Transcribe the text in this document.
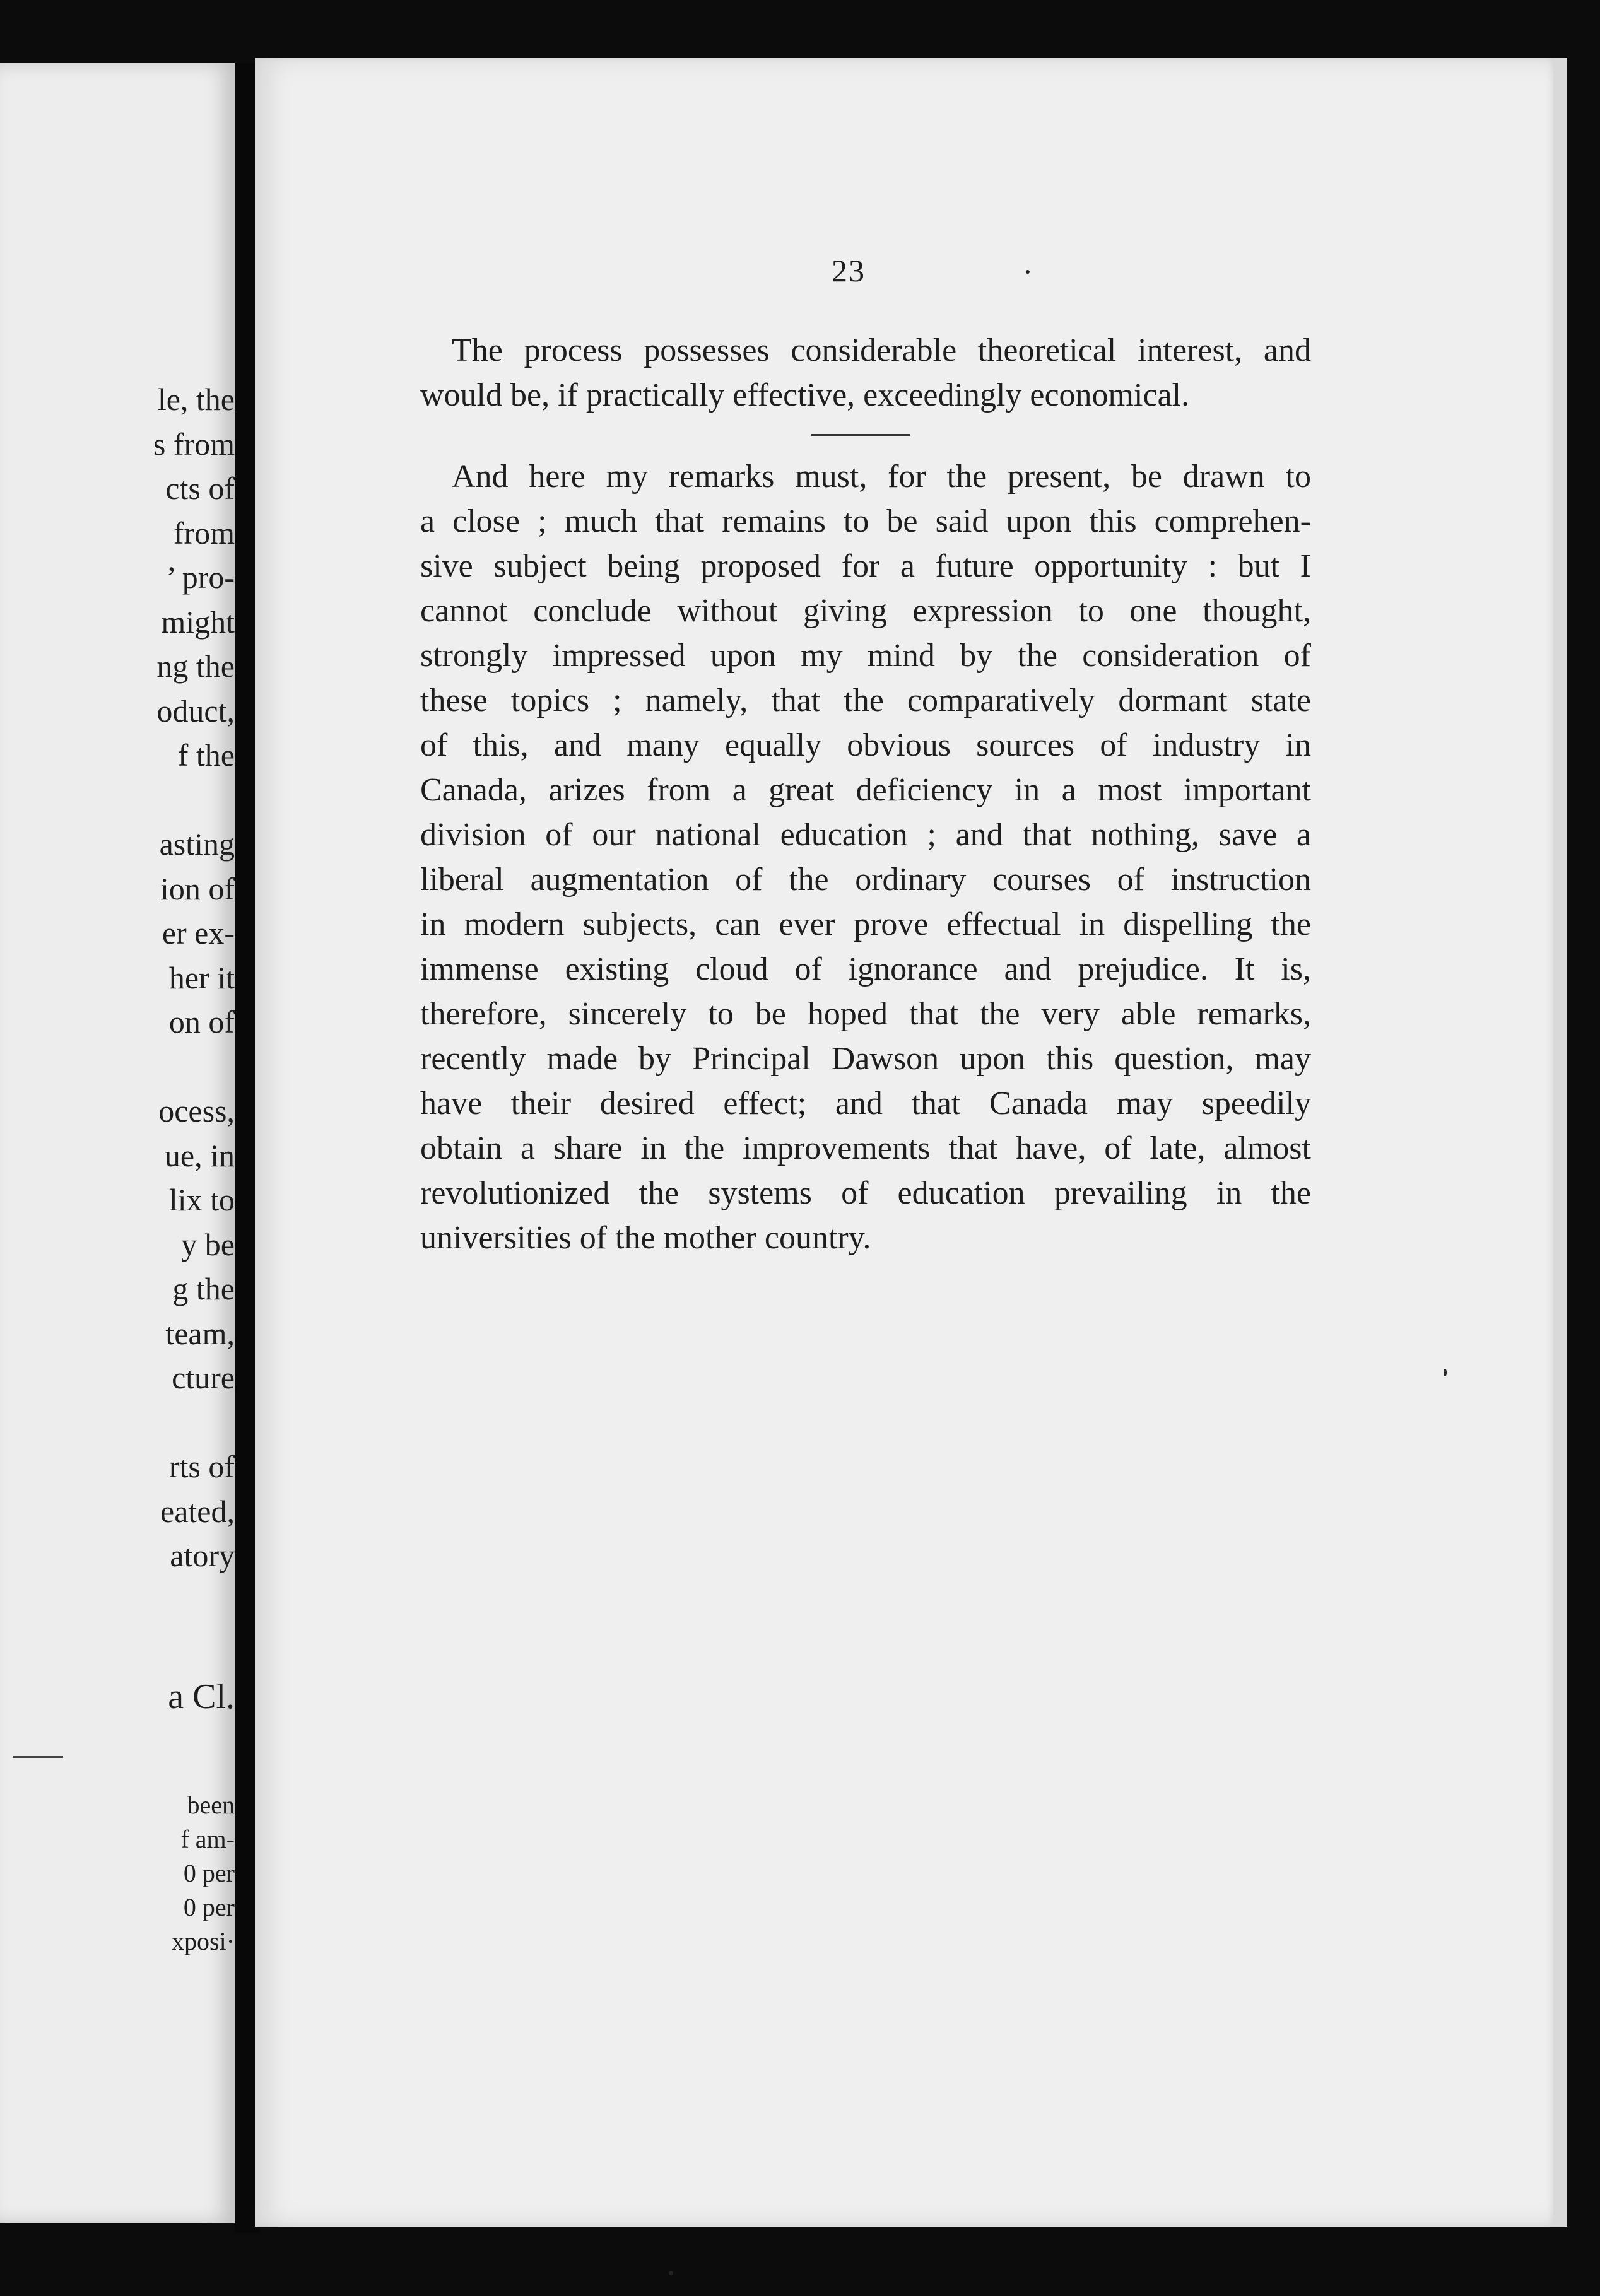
le, the
s from
cts of
from
’ pro-
might
ng the
oduct,
f the
asting
ion of
er ex-
her it
on of
ocess,
ue, in
lix to
y be
g the
team,
cture
rts of
eated,
atory
a Cl.
been
f am-
0 per
0 per
xposi·
23
The process possesses considerable theoretical interest, and
would be, if practically effective, exceedingly economical.
And here my remarks must, for the present, be drawn to
a close ; much that remains to be said upon this comprehen-
sive subject being proposed for a future opportunity : but I
cannot conclude without giving expression to one thought,
strongly impressed upon my mind by the consideration of
these topics ; namely, that the comparatively dormant state
of this, and many equally obvious sources of industry in
Canada, arizes from a great deficiency in a most important
division of our national education ; and that nothing, save a
liberal augmentation of the ordinary courses of instruction
in modern subjects, can ever prove effectual in dispelling the
immense existing cloud of ignorance and prejudice. It is,
therefore, sincerely to be hoped that the very able remarks,
recently made by Principal Dawson upon this question, may
have their desired effect; and that Canada may speedily
obtain a share in the improvements that have, of late, almost
revolutionized the systems of education prevailing in the
universities of the mother country.
